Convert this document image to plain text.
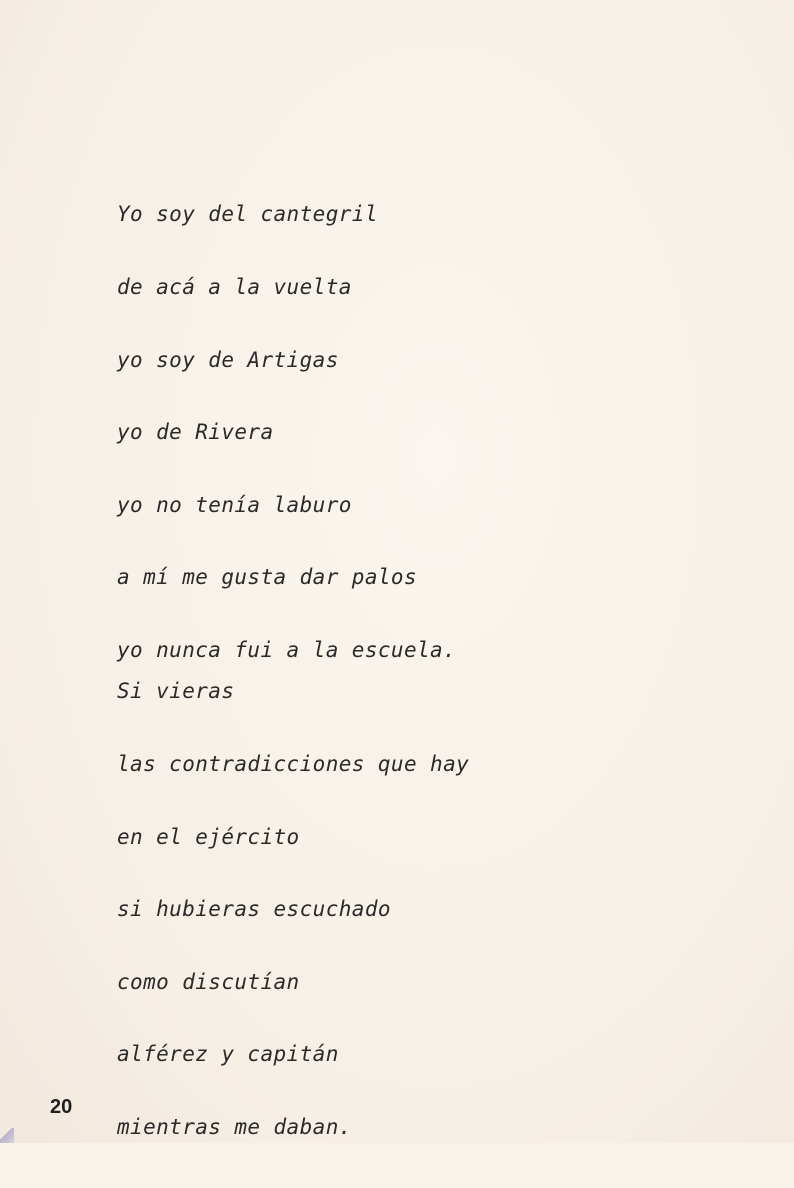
Yo soy del cantegril

de acá a la vuelta

yo soy de Artigas

yo de Rivera

yo no tenía laburo

a mí me gusta dar palos

yo nunca fui a la escuela.

Si vieras

las contradicciones que hay

en el ejército

si hubieras escuchado

como discutían

alférez y capitán

mientras me daban.

20
